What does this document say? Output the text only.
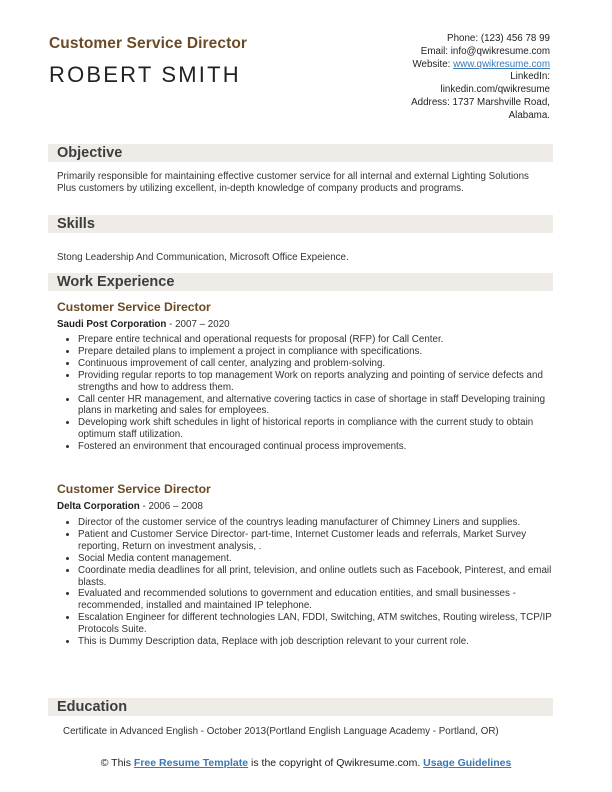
Customer Service Director
ROBERT SMITH
Phone: (123) 456 78 99
Email: info@qwikresume.com
Website: www.qwikresume.com
LinkedIn:
linkedin.com/qwikresume
Address: 1737 Marshville Road,
Alabama.
Objective
Primarily responsible for maintaining effective customer service for all internal and external Lighting Solutions Plus customers by utilizing excellent, in-depth knowledge of company products and programs.
Skills
Stong Leadership And Communication, Microsoft Office Expeience.
Work Experience
Customer Service Director
Saudi Post Corporation - 2007 – 2020
• Prepare entire technical and operational requests for proposal (RFP) for Call Center.
• Prepare detailed plans to implement a project in compliance with specifications.
• Continuous improvement of call center, analyzing and problem-solving.
• Providing regular reports to top management Work on reports analyzing and pointing of service defects and strengths and how to address them.
• Call center HR management, and alternative covering tactics in case of shortage in staff Developing training plans in marketing and sales for employees.
• Developing work shift schedules in light of historical reports in compliance with the current study to obtain optimum staff utilization.
• Fostered an environment that encouraged continual process improvements.
Customer Service Director
Delta Corporation - 2006 – 2008
• Director of the customer service of the countrys leading manufacturer of Chimney Liners and supplies.
• Patient and Customer Service Director- part-time, Internet Customer leads and referrals, Market Survey reporting, Return on investment analysis, .
• Social Media content management.
• Coordinate media deadlines for all print, television, and online outlets such as Facebook, Pinterest, and email blasts.
• Evaluated and recommended solutions to government and education entities, and small businesses - recommended, installed and maintained IP telephone.
• Escalation Engineer for different technologies LAN, FDDI, Switching, ATM switches, Routing wireless, TCP/IP Protocols Suite.
• This is Dummy Description data, Replace with job description relevant to your current role.
Education
Certificate in Advanced English - October 2013(Portland English Language Academy - Portland, OR)
© This Free Resume Template is the copyright of Qwikresume.com. Usage Guidelines
